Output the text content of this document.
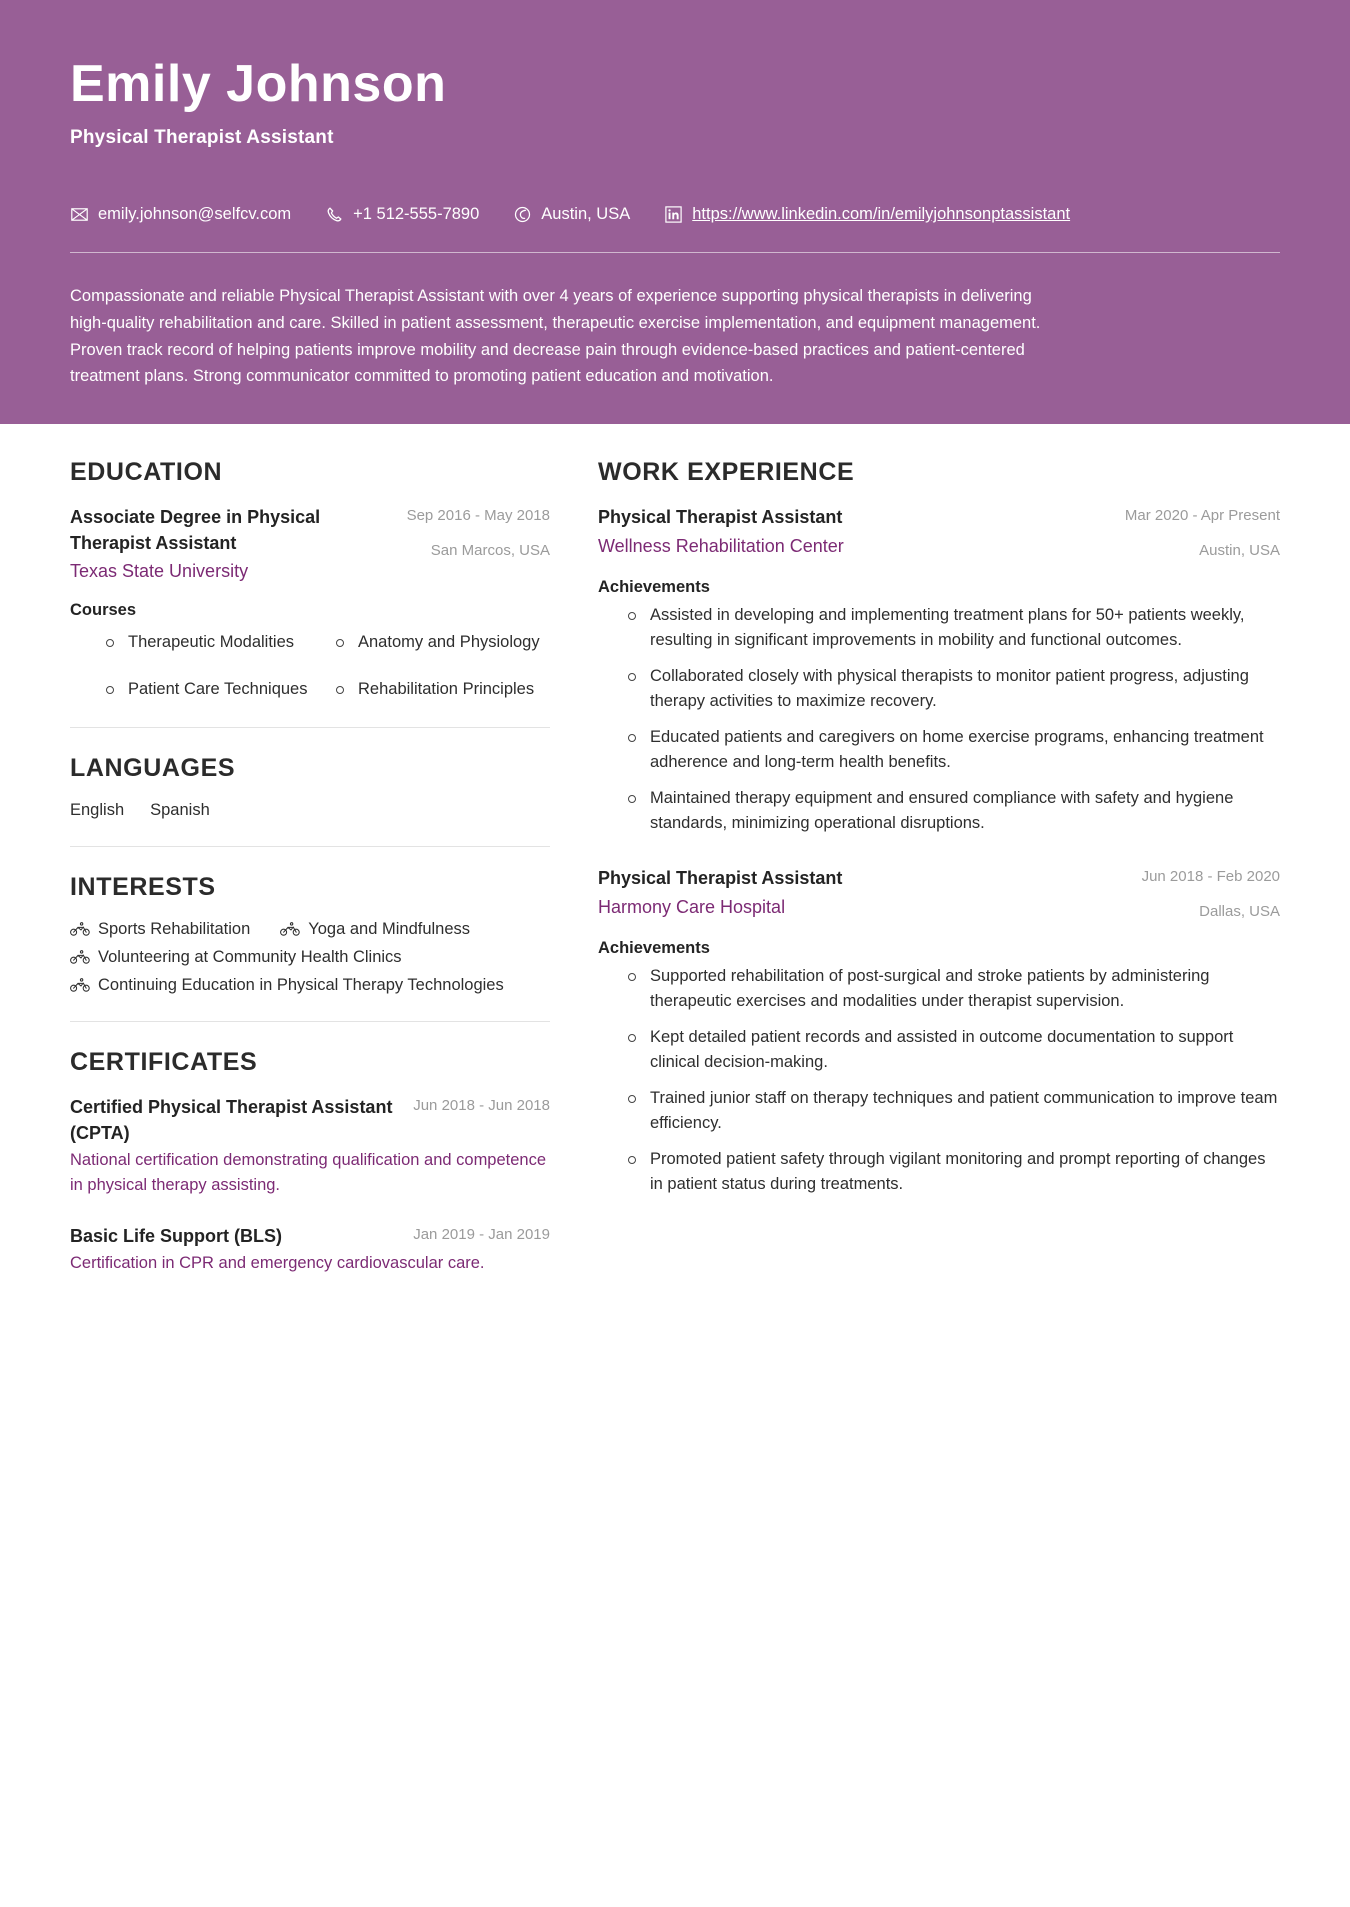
Emily Johnson
Physical Therapist Assistant
emily.johnson@selfcv.com	+1 512-555-7890	Austin, USA	https://www.linkedin.com/in/emilyjohnsonptassistant
Compassionate and reliable Physical Therapist Assistant with over 4 years of experience supporting physical therapists in delivering high-quality rehabilitation and care. Skilled in patient assessment, therapeutic exercise implementation, and equipment management. Proven track record of helping patients improve mobility and decrease pain through evidence-based practices and patient-centered treatment plans. Strong communicator committed to promoting patient education and motivation.
EDUCATION
Associate Degree in Physical Therapist Assistant
Texas State University
Sep 2016 - May 2018
San Marcos, USA
Courses
Therapeutic Modalities	Anatomy and Physiology
Patient Care Techniques	Rehabilitation Principles
LANGUAGES
English Spanish
INTERESTS
Sports Rehabilitation	Yoga and Mindfulness
Volunteering at Community Health Clinics
Continuing Education in Physical Therapy Technologies
CERTIFICATES
Certified Physical Therapist Assistant (CPTA)
Jun 2018 - Jun 2018
National certification demonstrating qualification and competence in physical therapy assisting.
Basic Life Support (BLS)	Jan 2019 - Jan 2019
Certification in CPR and emergency cardiovascular care.
WORK EXPERIENCE
Physical Therapist Assistant
Wellness Rehabilitation Center
Mar 2020 - Apr Present
Austin, USA
Achievements
Assisted in developing and implementing treatment plans for 50+ patients weekly, resulting in significant improvements in mobility and functional outcomes.
Collaborated closely with physical therapists to monitor patient progress, adjusting therapy activities to maximize recovery.
Educated patients and caregivers on home exercise programs, enhancing treatment adherence and long-term health benefits.
Maintained therapy equipment and ensured compliance with safety and hygiene standards, minimizing operational disruptions.
Physical Therapist Assistant
Harmony Care Hospital
Jun 2018 - Feb 2020
Dallas, USA
Achievements
Supported rehabilitation of post-surgical and stroke patients by administering therapeutic exercises and modalities under therapist supervision.
Kept detailed patient records and assisted in outcome documentation to support clinical decision-making.
Trained junior staff on therapy techniques and patient communication to improve team efficiency.
Promoted patient safety through vigilant monitoring and prompt reporting of changes in patient status during treatments.
